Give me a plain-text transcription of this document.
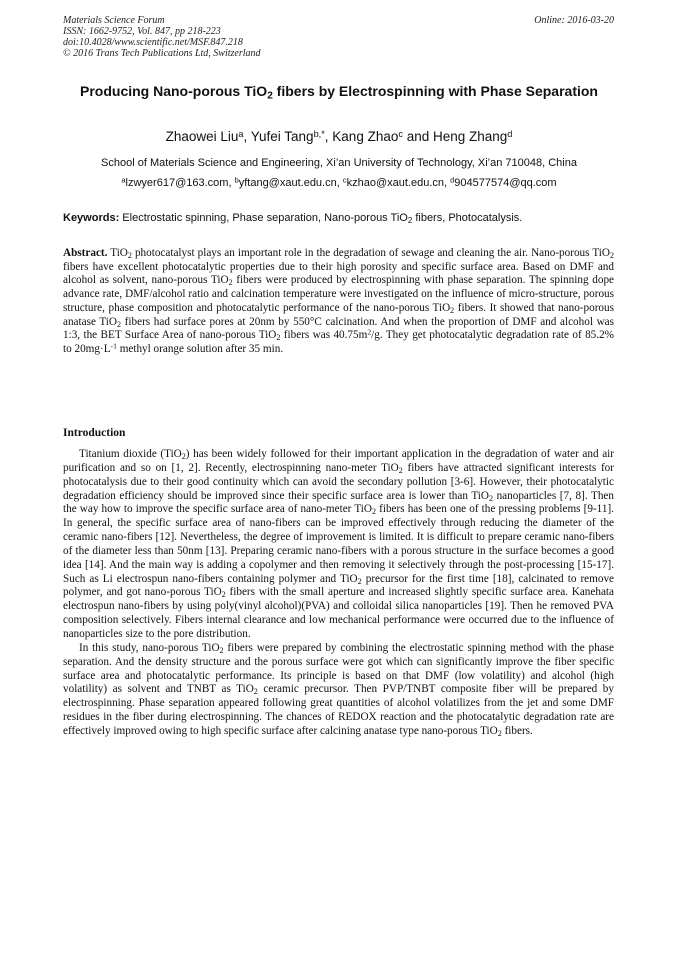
Materials Science Forum
ISSN: 1662-9752, Vol. 847, pp 218-223
doi:10.4028/www.scientific.net/MSF.847.218
© 2016 Trans Tech Publications Ltd, Switzerland
Online: 2016-03-20
Producing Nano-porous TiO$_2$ fibers by Electrospinning with Phase Separation
Zhaowei Liu$^a$, Yufei Tang$^{b,*}$, Kang Zhao$^c$ and Heng Zhang$^d$
School of Materials Science and Engineering, Xi’an University of Technology, Xi’an 710048, China
$^a$lzwyer617@163.com, $^b$yftang@xaut.edu.cn, $^c$kzhao@xaut.edu.cn, $^d$904577574@qq.com
Keywords: Electrostatic spinning, Phase separation, Nano-porous TiO$_2$ fibers, Photocatalysis.
Abstract. TiO$_2$ photocatalyst plays an important role in the degradation of sewage and cleaning the air. Nano-porous TiO$_2$ fibers have excellent photocatalytic properties due to their high porosity and specific surface area. Based on DMF and alcohol as solvent, nano-porous TiO$_2$ fibers were produced by electrospinning with phase separation. The spinning dope advance rate, DMF/alcohol ratio and calcination temperature were investigated on the influence of micro-structure, porous structure, phase composition and photocatalytic performance of the nano-porous TiO$_2$ fibers. It showed that nano-porous anatase TiO$_2$ fibers had surface pores at 20nm by 550°C calcination. And when the proportion of DMF and alcohol was 1:3, the BET Surface Area of nano-porous TiO$_2$ fibers was $40.75m^2/g$. They get photocatalytic degradation rate of 85.2% to $20mg\cdot L^{-1}$ methyl orange solution after 35 min.
Introduction

Titanium dioxide (TiO$_2$) has been widely followed for their important application in the degradation of water and air purification and so on [1, 2]. Recently, electrospinning nano-meter TiO$_2$ fibers have attracted significant interests for photocatalysis due to their good continuity which can avoid the secondary pollution [3-6]. However, their photocatalytic degradation efficiency should be improved since their specific surface area is lower than TiO$_2$ nanoparticles [7, 8]. Then the way how to improve the specific surface area of nano-meter TiO$_2$ fibers has been one of the pressing problems [9-11]. In general, the specific surface area of nano-fibers can be improved effectively through reducing the diameter of the ceramic nano-fibers [12]. Nevertheless, the degree of improvement is limited. It is difficult to prepare ceramic nano-fibers of the diameter less than 50nm [13]. Preparing ceramic nano-fibers with a porous structure in the surface becomes a good idea [14]. And the main way is adding a copolymer and then removing it selectively through the post-processing [15-17]. Such as Li electrospun nano-fibers containing polymer and TiO$_2$ precursor for the first time [18], calcinated to remove polymer, and got nano-porous TiO$_2$ fibers with the small aperture and increased slightly specific surface area. Kanehata electrospun nano-fibers by using poly(vinyl alcohol)(PVA) and colloidal silica nanoparticles [19]. Then he removed PVA composition selectively. Fibers internal clearance and low mechanical performance were occurred due to the influence of nanoparticles size to the pore distribution.

In this study, nano-porous TiO$_2$ fibers were prepared by combining the electrostatic spinning method with the phase separation. And the density structure and the porous surface were got which can significantly improve the fiber specific surface area and photocatalytic performance. Its principle is based on that DMF (low volatility) and alcohol (high volatility) as solvent and TNBT as TiO$_2$ ceramic precursor. Then PVP/TNBT composite fiber will be prepared by electrospinning. Phase separation appeared following great quantities of alcohol volatilizes from the jet and some DMF residues in the fiber during electrospinning. The chances of REDOX reaction and the photocatalytic degradation rate are effectively improved owing to high specific surface after calcining anatase type nano-porous TiO$_2$ fibers.
